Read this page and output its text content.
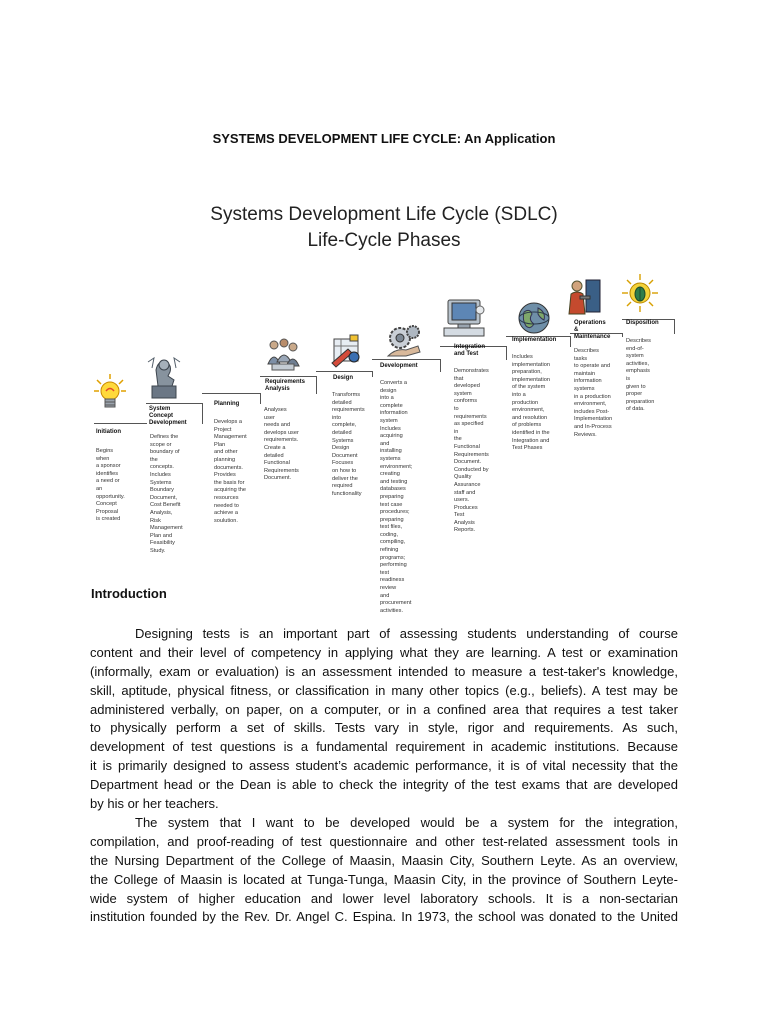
SYSTEMS DEVELOPMENT LIFE CYCLE: An Application
Systems Development Life Cycle (SDLC)
Life-Cycle Phases
Initiation
Begins when
a sponsor
identifies
a need or an
opportunity.
Concept
Proposal
is created
System Concept
Development
Defines the
scope or
boundary of
the concepts.
Includes Systems
Boundary
Document,
Cost Benefit
Analysis, Risk
Management
Plan and
Feasibility Study.
Planning
Develops a
Project
Management
Plan
and other
planning
documents.
Provides
the basis for
acquiring the
resources
needed to
achieve a
soulution.
Requirements
Analysis
Analyses user
needs and
develops user
requirements.
Create a detailed
Functional
Requirements
Document.
Design
Transforms
detailed
requirements
into complete,
detailed
Systems
Design
Document
Focuses
on how to
deliver the
required
functionality
Development
Converts a design
into a complete
information system
Includes acquiring
and installing systems
environment; creating
and testing databases
preparing test case
procedures; preparing
test files, coding,
compiling, refining
programs; performing
test readiness review
and procurement
activities.
Integration
and Test
Demonstrates
that developed
system conforms
to requirements
as specified in
the Functional
Requirements
Document.
Conducted by
Quality Assurance
staff and users.
Produces Test
Analysis Reports.
Implementation
Includes
implementation
preparation,
implementation
of the system
into a production
environment,
and resolution
of problems
identified in the
Integration and
Test Phases
Operations &
Maintenance
Describes tasks
to operate and
maintain
information
systems
in a production
environment,
includes Post-
Implementation
and In-Process
Reviews.
Disposition
Describes
end-of-system
activities,
emphasis is
given to
proper
preparation
of data.
Introduction
Designing tests is an important part of assessing students understanding of course
content and their level of competency in applying what they are learning. A test or examination
(informally, exam or evaluation) is an assessment intended to measure a test-taker's knowledge,
skill, aptitude, physical fitness, or classification in many other topics (e.g., beliefs). A test may be
administered verbally, on paper, on a computer, or in a confined area that requires a test taker
to physically perform a set of skills. Tests vary in style, rigor and requirements. As such,
development of test questions is a fundamental requirement in academic institutions. Because
it is primarily designed to assess student’s academic performance, it is of vital necessity that the
Department head or the Dean is able to check the integrity of the test exams that are developed
by his or her teachers.
The system that I want to be developed would be a system for the integration,
compilation, and proof-reading of test questionnaire and other test-related assessment tools in
the Nursing Department of the College of Maasin, Maasin City, Southern Leyte. As an overview,
the College of Maasin is located at Tunga-Tunga, Maasin City, in the province of Southern Leyte-
wide system of higher education and lower level laboratory schools. It is a non-sectarian
institution founded by the Rev. Dr. Angel C. Espina. In 1973, the school was donated to the United
